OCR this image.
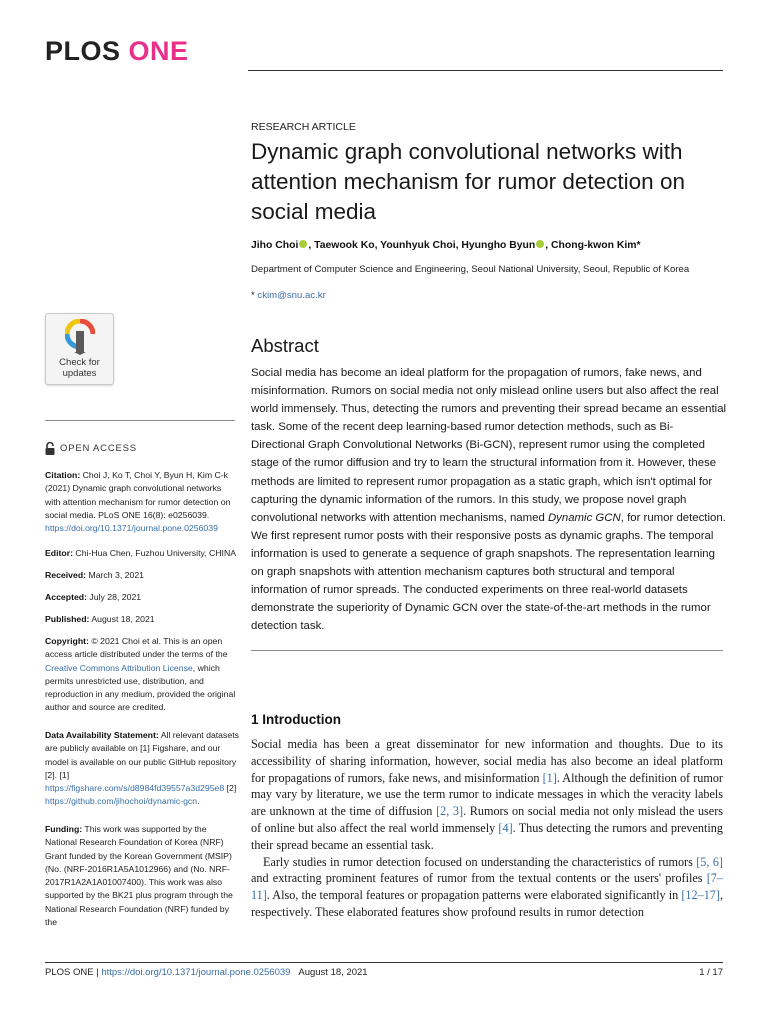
PLOS ONE
Check for
updates
OPEN ACCESS
Citation: Choi J, Ko T, Choi Y, Byun H, Kim C-k (2021) Dynamic graph convolutional networks with attention mechanism for rumor detection on social media. PLoS ONE 16(8): e0256039. https://doi.org/10.1371/journal.pone.0256039
Editor: Chi-Hua Chen, Fuzhou University, CHINA
Received: March 3, 2021
Accepted: July 28, 2021
Published: August 18, 2021
Copyright: © 2021 Choi et al. This is an open access article distributed under the terms of the Creative Commons Attribution License, which permits unrestricted use, distribution, and reproduction in any medium, provided the original author and source are credited.
Data Availability Statement: All relevant datasets are publicly available on [1] Figshare, and our model is available on our public GitHub repository [2]. [1] https://figshare.com/s/d8984fd39557a3d295e8 [2] https://github.com/jihochoi/dynamic-gcn.
Funding: This work was supported by the National Research Foundation of Korea (NRF) Grant funded by the Korean Government (MSIP) (No. (NRF-2016R1A5A1012966) and (No. NRF-2017R1A2A1A01007400). This work was also supported by the BK21 plus program through the National Research Foundation (NRF) funded by the
RESEARCH ARTICLE
Dynamic graph convolutional networks with attention mechanism for rumor detection on social media
Jiho Choi , Taewook Ko, Younhyuk Choi, Hyungho Byun , Chong-kwon Kim*
Department of Computer Science and Engineering, Seoul National University, Seoul, Republic of Korea
* ckim@snu.ac.kr
Abstract
Social media has become an ideal platform for the propagation of rumors, fake news, and misinformation. Rumors on social media not only mislead online users but also affect the real world immensely. Thus, detecting the rumors and preventing their spread became an essential task. Some of the recent deep learning-based rumor detection methods, such as Bi-Directional Graph Convolutional Networks (Bi-GCN), represent rumor using the completed stage of the rumor diffusion and try to learn the structural information from it. However, these methods are limited to represent rumor propagation as a static graph, which isn't optimal for capturing the dynamic information of the rumors. In this study, we propose novel graph convolutional networks with attention mechanisms, named Dynamic GCN, for rumor detection. We first represent rumor posts with their responsive posts as dynamic graphs. The temporal information is used to generate a sequence of graph snapshots. The representation learning on graph snapshots with attention mechanism captures both structural and temporal information of rumor spreads. The conducted experiments on three real-world datasets demonstrate the superiority of Dynamic GCN over the state-of-the-art methods in the rumor detection task.
1 Introduction

Social media has been a great disseminator for new information and thoughts. Due to its accessibility of sharing information, however, social media has also become an ideal platform for propagations of rumors, fake news, and misinformation [1]. Although the definition of rumor may vary by literature, we use the term rumor to indicate messages in which the veracity labels are unknown at the time of diffusion [2, 3]. Rumors on social media not only mislead the users of online but also affect the real world immensely [4]. Thus detecting the rumors and preventing their spread became an essential task.

Early studies in rumor detection focused on understanding the characteristics of rumors [5, 6] and extracting prominent features of rumor from the textual contents or the users' profiles [7–11]. Also, the temporal features or propagation patterns were elaborated significantly in [12–17], respectively. These elaborated features show profound results in rumor detection

PLOS ONE | https://doi.org/10.1371/journal.pone.0256039 August 18, 2021	1 / 17
